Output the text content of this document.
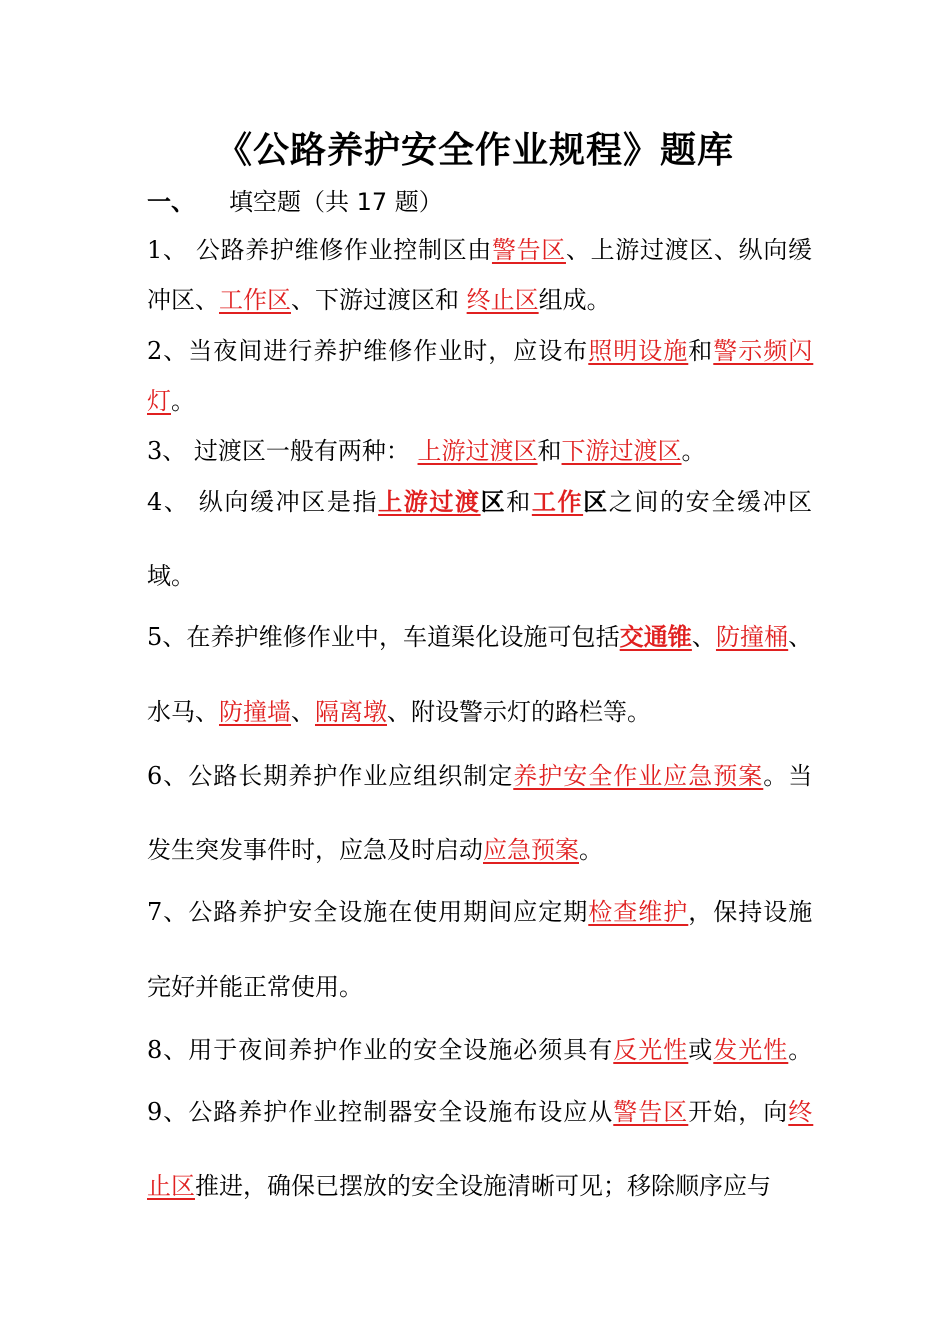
《公路养护安全作业规程》题库
一、 填空题（共 17 题）
1、 公路养护维修作业控制区由警告区、上游过渡区、纵向缓
冲区、工作区、下游过渡区和 终止区组成。
2、当夜间进行养护维修作业时，应设布照明设施和警示频闪
灯。
3、 过渡区一般有两种： 上游过渡区和下游过渡区。
4、 纵向缓冲区是指上游过渡区和工作区之间的安全缓冲区
域。
5、在养护维修作业中，车道渠化设施可包括交通锥、防撞桶、
水马、防撞墙、隔离墩、附设警示灯的路栏等。
6、公路长期养护作业应组织制定养护安全作业应急预案。当
发生突发事件时，应急及时启动应急预案。
7、公路养护安全设施在使用期间应定期检查维护，保持设施
完好并能正常使用。
8、用于夜间养护作业的安全设施必须具有反光性或发光性。
9、公路养护作业控制器安全设施布设应从警告区开始，向终
止区推进，确保已摆放的安全设施清晰可见；移除顺序应与
